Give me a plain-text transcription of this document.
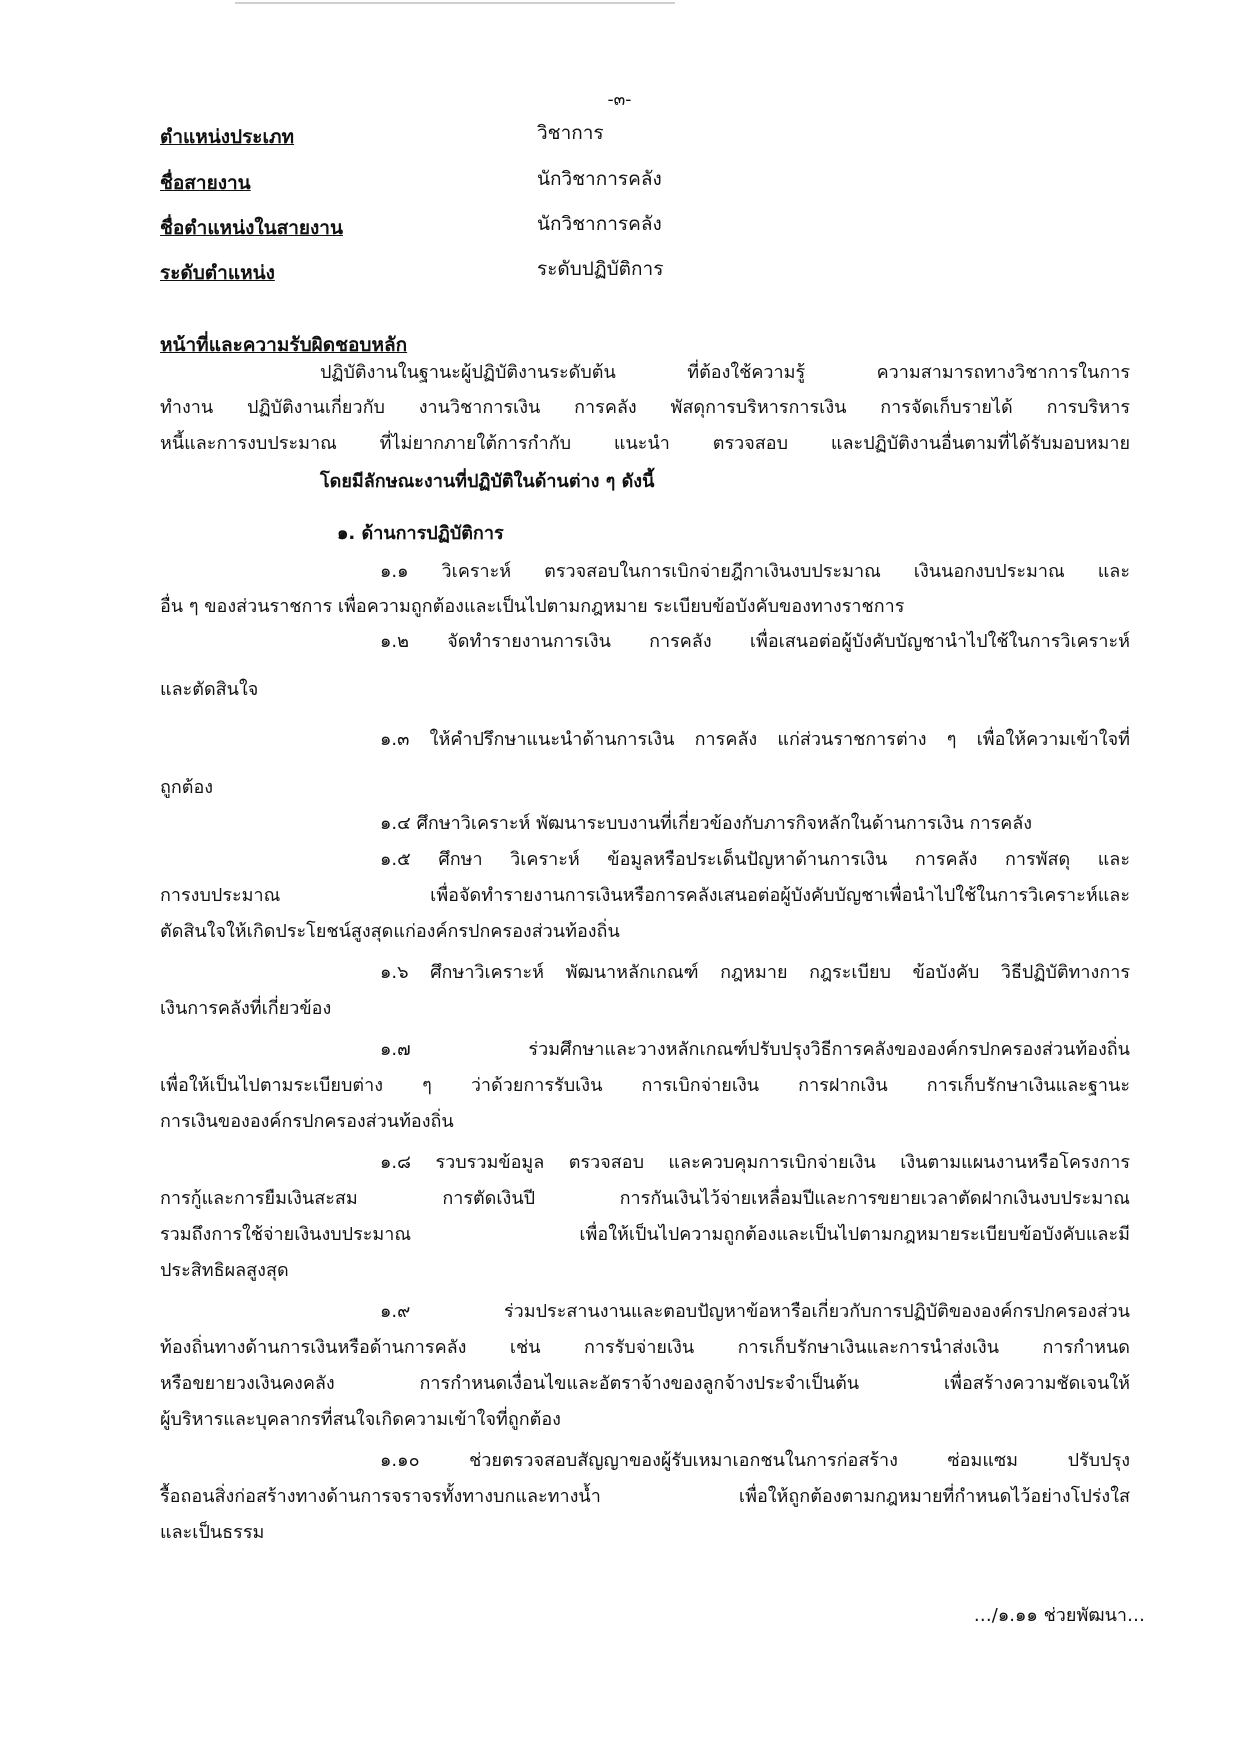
-๓-
ตำแหน่งประเภท	วิชาการ
ชื่อสายงาน	นักวิชาการคลัง
ชื่อตำแหน่งในสายงาน	นักวิชาการคลัง
ระดับตำแหน่ง	ระดับปฏิบัติการ
หน้าที่และความรับผิดชอบหลัก
ปฏิบัติงานในฐานะผู้ปฏิบัติงานระดับต้น ที่ต้องใช้ความรู้ ความสามารถทางวิชาการในการ
ทำงาน ปฏิบัติงานเกี่ยวกับ งานวิชาการเงิน การคลัง พัสดุการบริหารการเงิน การจัดเก็บรายได้ การบริหาร
หนี้และการงบประมาณ ที่ไม่ยากภายใต้การกำกับ แนะนำ ตรวจสอบ และปฏิบัติงานอื่นตามที่ได้รับมอบหมาย
โดยมีลักษณะงานที่ปฏิบัติในด้านต่าง ๆ ดังนี้
๑. ด้านการปฏิบัติการ
๑.๑ วิเคราะห์ ตรวจสอบในการเบิกจ่ายฎีกาเงินงบประมาณ เงินนอกงบประมาณ และ
อื่น ๆ ของส่วนราชการ เพื่อความถูกต้องและเป็นไปตามกฎหมาย ระเบียบข้อบังคับของทางราชการ
๑.๒ จัดทำรายงานการเงิน การคลัง เพื่อเสนอต่อผู้บังคับบัญชานำไปใช้ในการวิเคราะห์
และตัดสินใจ
๑.๓ ให้คำปรึกษาแนะนำด้านการเงิน การคลัง แก่ส่วนราชการต่าง ๆ เพื่อให้ความเข้าใจที่
ถูกต้อง
๑.๔ ศึกษาวิเคราะห์ พัฒนาระบบงานที่เกี่ยวข้องกับภารกิจหลักในด้านการเงิน การคลัง
๑.๕ ศึกษา วิเคราะห์ ข้อมูลหรือประเด็นปัญหาด้านการเงิน การคลัง การพัสดุ และ
การงบประมาณ เพื่อจัดทำรายงานการเงินหรือการคลังเสนอต่อผู้บังคับบัญชาเพื่อนำไปใช้ในการวิเคราะห์และ
ตัดสินใจให้เกิดประโยชน์สูงสุดแก่องค์กรปกครองส่วนท้องถิ่น
๑.๖ ศึกษาวิเคราะห์ พัฒนาหลักเกณฑ์ กฎหมาย กฎระเบียบ ข้อบังคับ วิธีปฏิบัติทางการ
เงินการคลังที่เกี่ยวข้อง
๑.๗ ร่วมศึกษาและวางหลักเกณฑ์ปรับปรุงวิธีการคลังขององค์กรปกครองส่วนท้องถิ่น
เพื่อให้เป็นไปตามระเบียบต่าง ๆ ว่าด้วยการรับเงิน การเบิกจ่ายเงิน การฝากเงิน การเก็บรักษาเงินและฐานะ
การเงินขององค์กรปกครองส่วนท้องถิ่น
๑.๘ รวบรวมข้อมูล ตรวจสอบ และควบคุมการเบิกจ่ายเงิน เงินตามแผนงานหรือโครงการ
การกู้และการยืมเงินสะสม การตัดเงินปี การกันเงินไว้จ่ายเหลื่อมปีและการขยายเวลาตัดฝากเงินงบประมาณ
รวมถึงการใช้จ่ายเงินงบประมาณ เพื่อให้เป็นไปความถูกต้องและเป็นไปตามกฎหมายระเบียบข้อบังคับและมี
ประสิทธิผลสูงสุด
๑.๙ ร่วมประสานงานและตอบปัญหาข้อหารือเกี่ยวกับการปฏิบัติขององค์กรปกครองส่วน
ท้องถิ่นทางด้านการเงินหรือด้านการคลัง เช่น การรับจ่ายเงิน การเก็บรักษาเงินและการนำส่งเงิน การกำหนด
หรือขยายวงเงินคงคลัง การกำหนดเงื่อนไขและอัตราจ้างของลูกจ้างประจำเป็นต้น เพื่อสร้างความชัดเจนให้
ผู้บริหารและบุคลากรที่สนใจเกิดความเข้าใจที่ถูกต้อง
๑.๑๐ ช่วยตรวจสอบสัญญาของผู้รับเหมาเอกชนในการก่อสร้าง ซ่อมแซม ปรับปรุง
รื้อถอนสิ่งก่อสร้างทางด้านการจราจรทั้งทางบกและทางน้ำ เพื่อให้ถูกต้องตามกฎหมายที่กำหนดไว้อย่างโปร่งใส
และเป็นธรรม
…/๑.๑๑ ช่วยพัฒนา…
